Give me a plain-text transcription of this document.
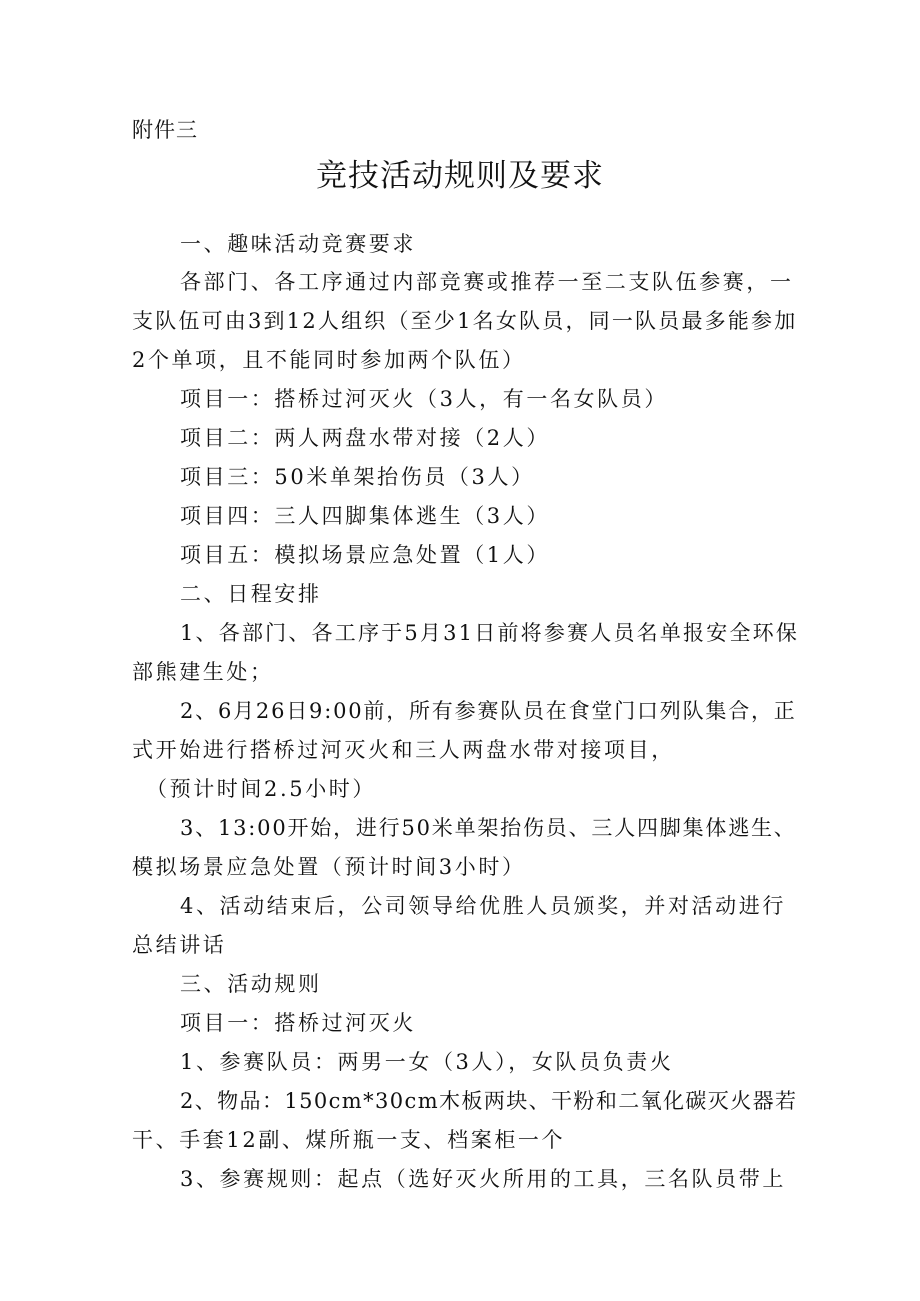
附件三
竞技活动规则及要求
一、趣味活动竞赛要求
各部门、各工序通过内部竞赛或推荐一至二支队伍参赛，一
支队伍可由3到12人组织（至少1名女队员，同一队员最多能参加
2个单项，且不能同时参加两个队伍）
项目一：搭桥过河灭火（3人，有一名女队员）
项目二：两人两盘水带对接（2人）
项目三：50米单架抬伤员（3人）
项目四：三人四脚集体逃生（3人）
项目五：模拟场景应急处置（1人）
二、日程安排
1、各部门、各工序于5月31日前将参赛人员名单报安全环保
部熊建生处；
2、6月26日9:00前，所有参赛队员在食堂门口列队集合，正
式开始进行搭桥过河灭火和三人两盘水带对接项目，
（预计时间2.5小时）
3、13:00开始，进行50米单架抬伤员、三人四脚集体逃生、
模拟场景应急处置（预计时间3小时）
4、活动结束后，公司领导给优胜人员颁奖，并对活动进行
总结讲话
三、活动规则
项目一：搭桥过河灭火
1、参赛队员：两男一女（3人），女队员负责火
2、物品：150cm*30cm木板两块、干粉和二氧化碳灭火器若
干、手套12副、煤所瓶一支、档案柜一个
3、参赛规则：起点（选好灭火所用的工具，三名队员带上
